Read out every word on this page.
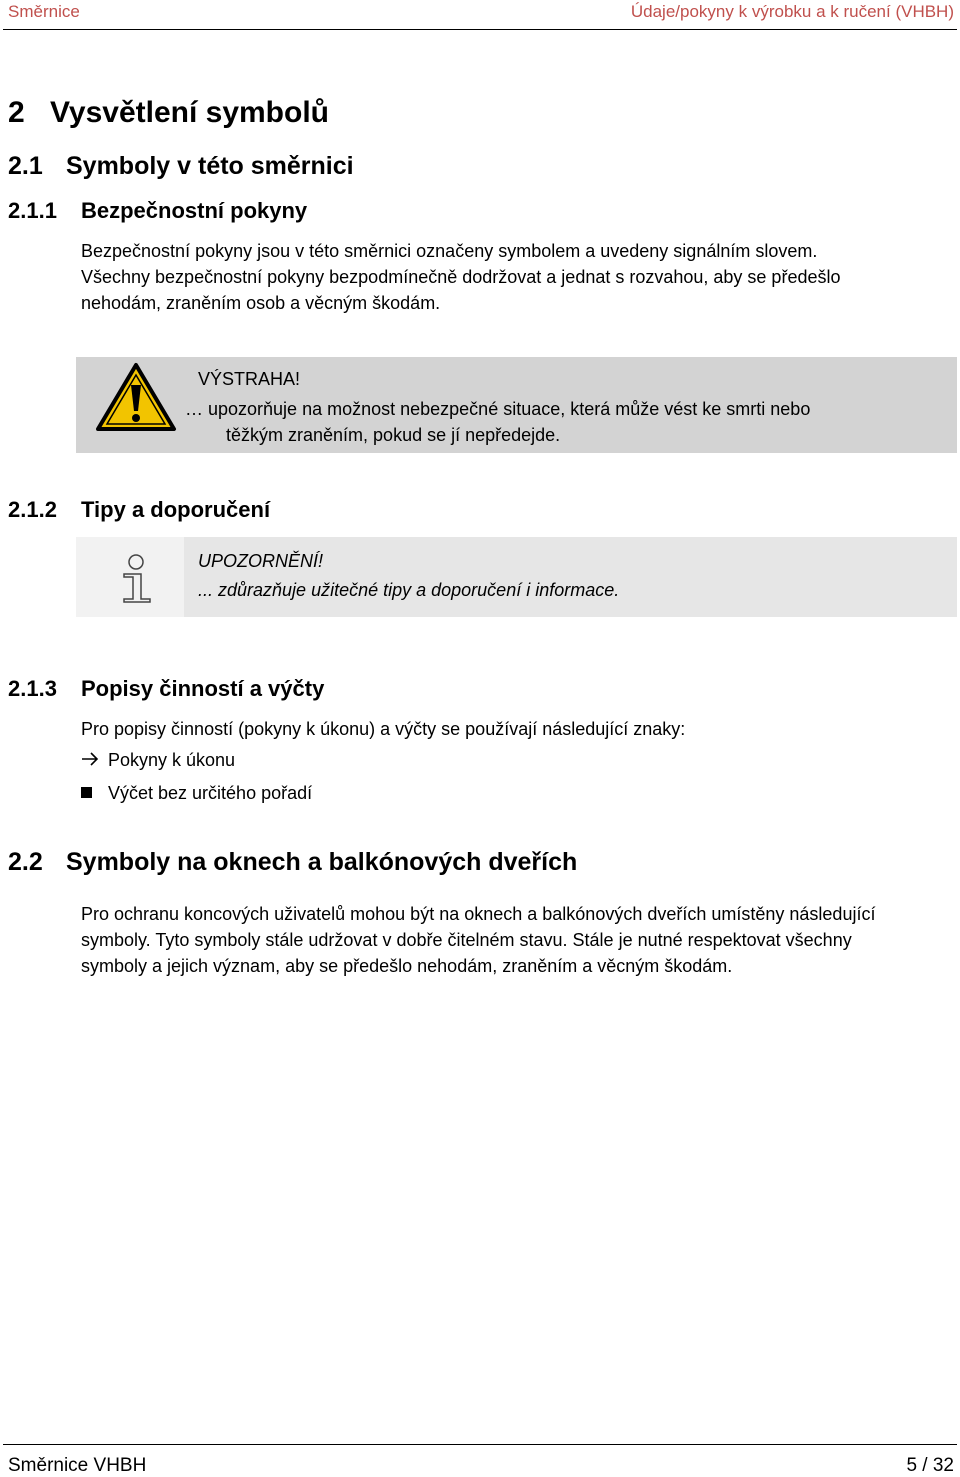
Směrnice	Údaje/pokyny k výrobku a k ručení (VHBH)
2 Vysvětlení symbolů
2.1 Symboly v této směrnici
2.1.1 Bezpečnostní pokyny
Bezpečnostní pokyny jsou v této směrnici označeny symbolem a uvedeny signálním slovem.
Všechny bezpečnostní pokyny bezpodmínečně dodržovat a jednat s rozvahou, aby se předešlo
nehodám, zraněním osob a věcným škodám.
VÝSTRAHA!
… upozorňuje na možnost nebezpečné situace, která může vést ke smrti nebo
těžkým zraněním, pokud se jí nepředejde.
2.1.2 Tipy a doporučení
UPOZORNĚNÍ!
... zdůrazňuje užitečné tipy a doporučení i informace.
2.1.3 Popisy činností a výčty
Pro popisy činností (pokyny k úkonu) a výčty se používají následující znaky:
Pokyny k úkonu
Výčet bez určitého pořadí
2.2 Symboly na oknech a balkónových dveřích
Pro ochranu koncových uživatelů mohou být na oknech a balkónových dveřích umístěny následující
symboly. Tyto symboly stále udržovat v dobře čitelném stavu. Stále je nutné respektovat všechny
symboly a jejich význam, aby se předešlo nehodám, zraněním a věcným škodám.
Směrnice VHBH	5 / 32
